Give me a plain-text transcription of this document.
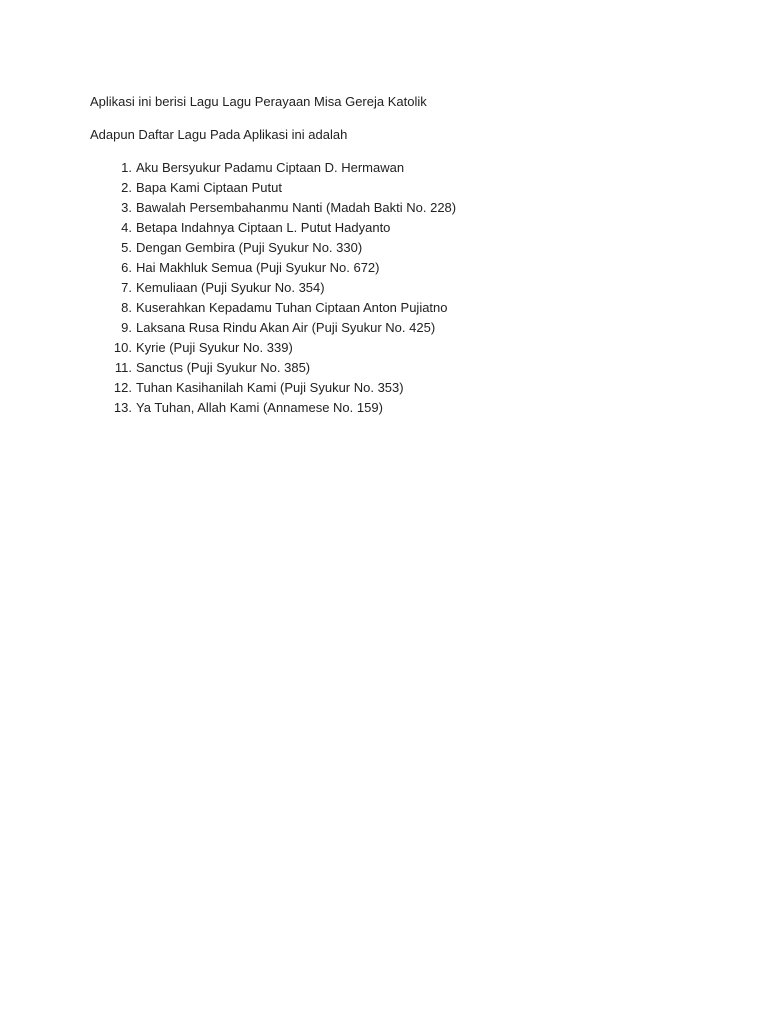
Aplikasi ini berisi Lagu Lagu Perayaan Misa Gereja Katolik

Adapun Daftar Lagu Pada Aplikasi ini adalah

1. Aku Bersyukur Padamu Ciptaan D. Hermawan
2. Bapa Kami Ciptaan Putut
3. Bawalah Persembahanmu Nanti (Madah Bakti No. 228)
4. Betapa Indahnya Ciptaan L. Putut Hadyanto
5. Dengan Gembira (Puji Syukur No. 330)
6. Hai Makhluk Semua (Puji Syukur No. 672)
7. Kemuliaan (Puji Syukur No. 354)
8. Kuserahkan Kepadamu Tuhan Ciptaan Anton Pujiatno
9. Laksana Rusa Rindu Akan Air (Puji Syukur No. 425)
10. Kyrie (Puji Syukur No. 339)
11. Sanctus (Puji Syukur No. 385)
12. Tuhan Kasihanilah Kami (Puji Syukur No. 353)
13. Ya Tuhan, Allah Kami (Annamese No. 159)
